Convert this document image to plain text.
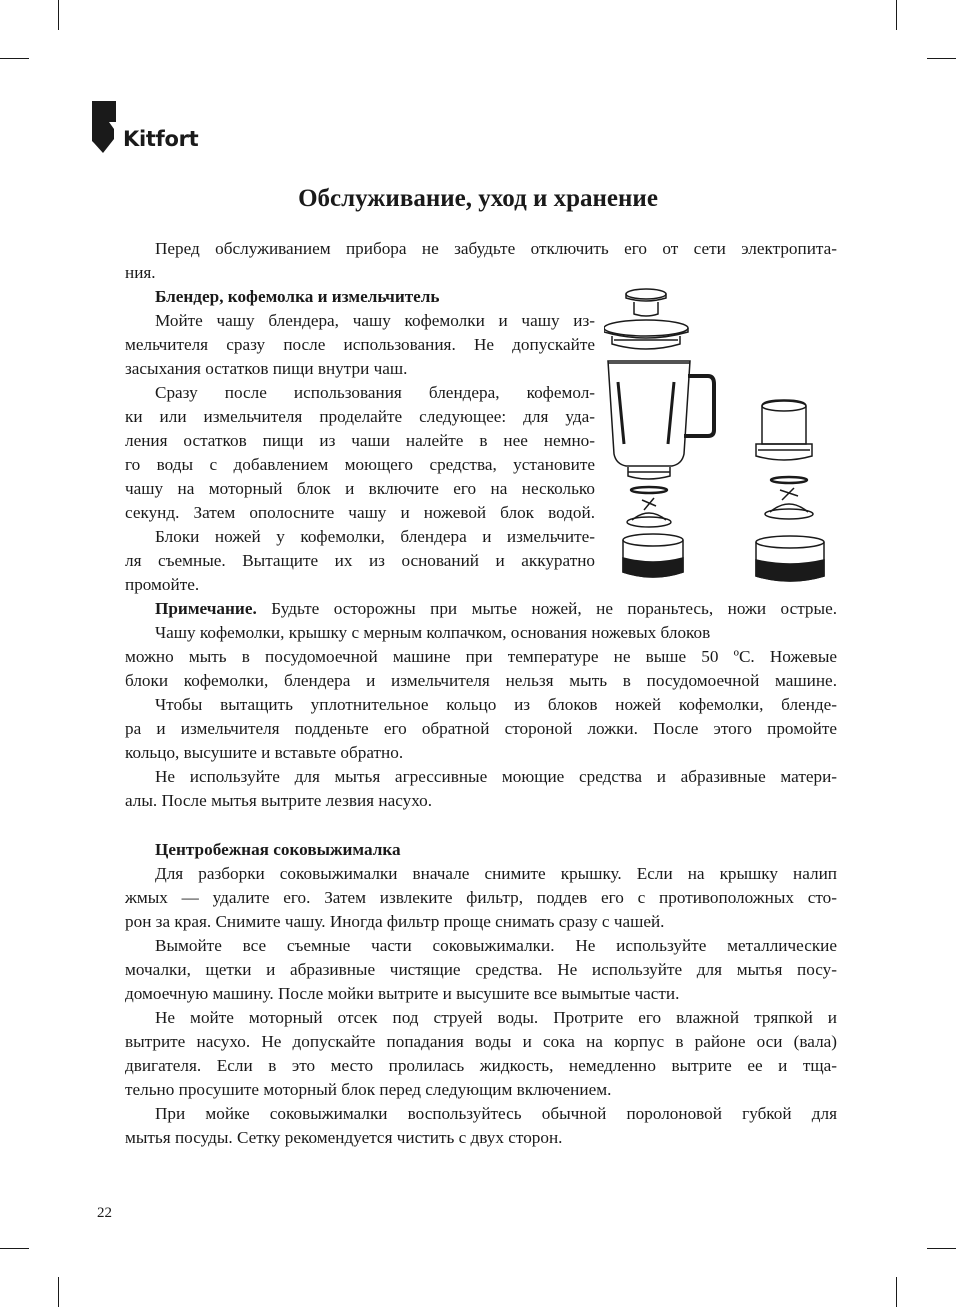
Kitfort
Обслуживание, уход и хранение
Перед обслуживанием прибора не забудьте отключить его от сети электропита-
ния.
Блендер, кофемолка и измельчитель
Мойте чашу блендера, чашу кофемолки и чашу из-
мельчителя сразу после использования. Не допускайте
засыхания остатков пищи внутри чаш.
Сразу после использования блендера, кофемол-
ки или измельчителя проделайте следующее: для уда-
ления остатков пищи из чаши налейте в нее немно-
го воды с добавлением моющего средства, установите
чашу на моторный блок и включите его на несколько
секунд. Затем ополосните чашу и ножевой блок водой.
Блоки ножей у кофемолки, блендера и измельчите-
ля съемные. Вытащите их из оснований и аккуратно
промойте.
Примечание. Будьте осторожны при мытье ножей, не пораньтесь, ножи острые.
Чашу кофемолки, крышку с мерным колпачком, основания ножевых блоков
можно мыть в посудомоечной машине при температуре не выше 50 ºС. Ножевые
блоки кофемолки, блендера и измельчителя нельзя мыть в посудомоечной машине.
Чтобы вытащить уплотнительное кольцо из блоков ножей кофемолки, бленде-
ра и измельчителя подденьте его обратной стороной ложки. После этого промойте
кольцо, высушите и вставьте обратно.
Не используйте для мытья агрессивные моющие средства и абразивные матери-
алы. После мытья вытрите лезвия насухо.
Центробежная соковыжималка
Для разборки соковыжималки вначале снимите крышку. Если на крышку налип
жмых — удалите его. Затем извлеките фильтр, поддев его с противоположных сто-
рон за края. Снимите чашу. Иногда фильтр проще снимать сразу с чашей.
Вымойте все съемные части соковыжималки. Не используйте металлические
мочалки, щетки и абразивные чистящие средства. Не используйте для мытья посу-
домоечную машину. После мойки вытрите и высушите все вымытые части.
Не мойте моторный отсек под струей воды. Протрите его влажной тряпкой и
вытрите насухо. Не допускайте попадания воды и сока на корпус в районе оси (вала)
двигателя. Если в это место пролилась жидкость, немедленно вытрите ее и тща-
тельно просушите моторный блок перед следующим включением.
При мойке соковыжималки воспользуйтесь обычной поролоновой губкой для
мытья посуды. Сетку рекомендуется чистить с двух сторон.
22
